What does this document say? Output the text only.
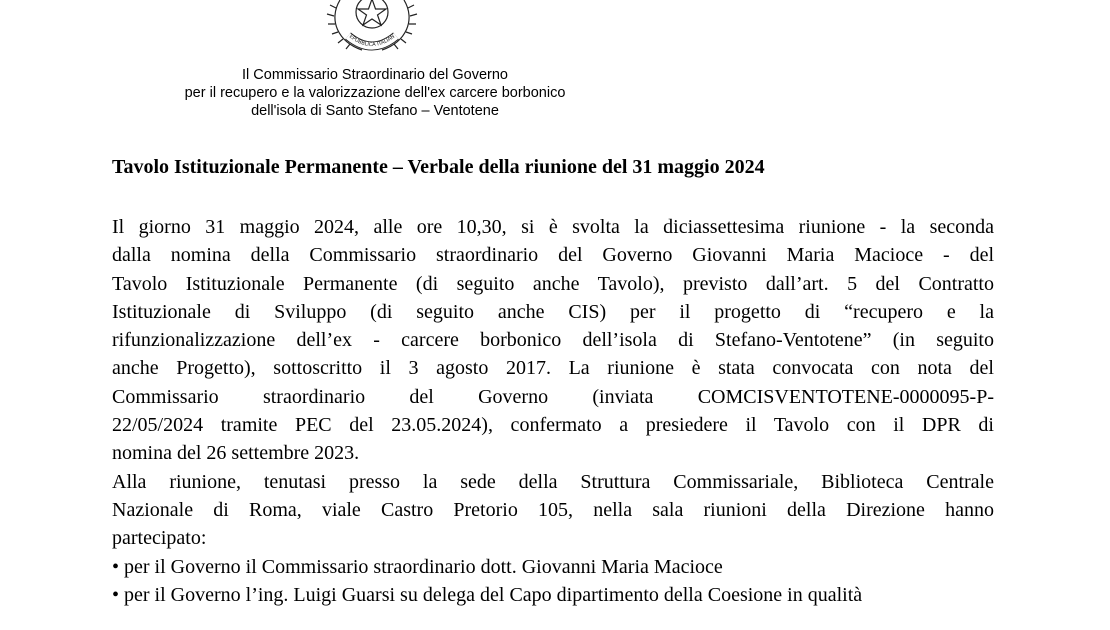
EPUBBLICA ITALIAN
Il Commissario Straordinario del Governo
per il recupero e la valorizzazione dell'ex carcere borbonico
dell'isola di Santo Stefano – Ventotene
Tavolo Istituzionale Permanente – Verbale della riunione del 31 maggio 2024
Il giorno 31 maggio 2024, alle ore 10,30, si è svolta la diciassettesima riunione - la seconda
dalla nomina della Commissario straordinario del Governo Giovanni Maria Macioce - del
Tavolo Istituzionale Permanente (di seguito anche Tavolo), previsto dall’art. 5 del Contratto
Istituzionale di Sviluppo (di seguito anche CIS) per il progetto di “recupero e la
rifunzionalizzazione dell’ex - carcere borbonico dell’isola di Stefano-Ventotene” (in seguito
anche Progetto), sottoscritto il 3 agosto 2017. La riunione è stata convocata con nota del
Commissario straordinario del Governo (inviata COMCISVENTOTENE-0000095-P-
22/05/2024 tramite PEC del 23.05.2024), confermato a presiedere il Tavolo con il DPR di
nomina del 26 settembre 2023.
Alla riunione, tenutasi presso la sede della Struttura Commissariale, Biblioteca Centrale
Nazionale di Roma, viale Castro Pretorio 105, nella sala riunioni della Direzione hanno
partecipato:
• per il Governo il Commissario straordinario dott. Giovanni Maria Macioce
• per il Governo l’ing. Luigi Guarsi su delega del Capo dipartimento della Coesione in qualità
